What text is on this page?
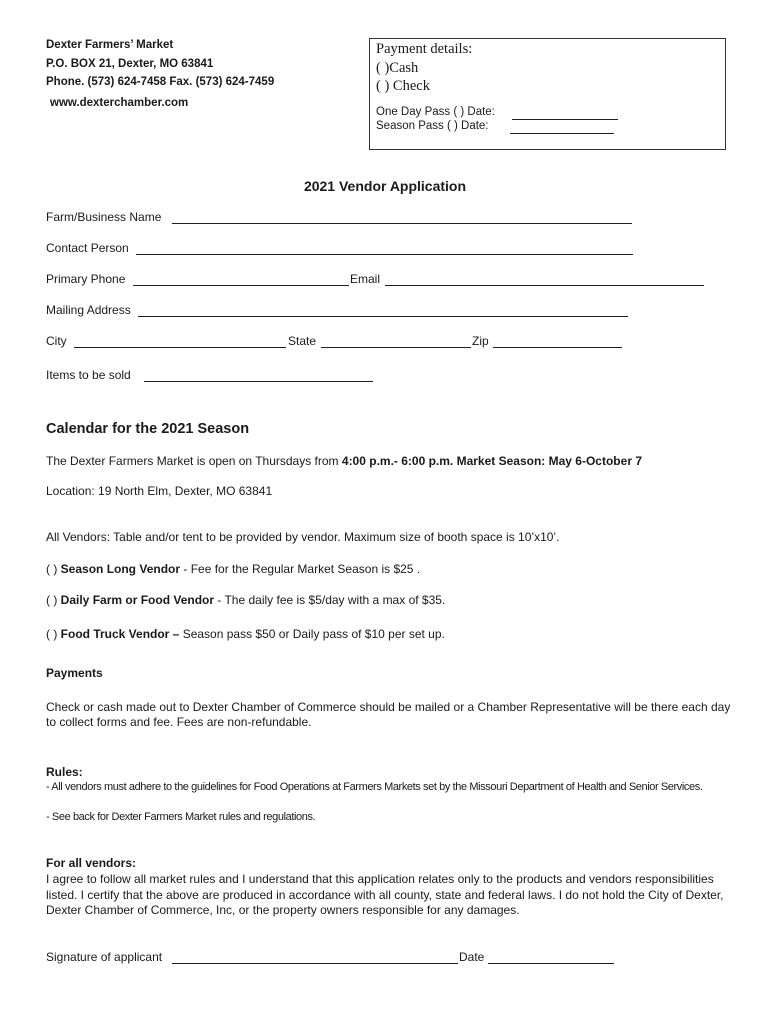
Dexter Farmers’ Market
P.O. BOX 21, Dexter, MO 63841
Phone. (573) 624-7458 Fax. (573) 624-7459
www.dexterchamber.com
Payment details:
( )Cash
( ) Check
One Day Pass ( ) Date:
Season Pass ( ) Date:
2021 Vendor Application
Farm/Business Name
Contact Person
Primary Phone	Email
Mailing Address
City	State	Zip
Items to be sold
Calendar for the 2021 Season
The Dexter Farmers Market is open on Thursdays from 4:00 p.m.- 6:00 p.m. Market Season: May 6-October 7
Location: 19 North Elm, Dexter, MO 63841
All Vendors: Table and/or tent to be provided by vendor. Maximum size of booth space is 10’x10’.
( ) Season Long Vendor - Fee for the Regular Market Season is $25 .
( ) Daily Farm or Food Vendor - The daily fee is $5/day with a max of $35.
( ) Food Truck Vendor – Season pass $50 or Daily pass of $10 per set up.
Payments
Check or cash made out to Dexter Chamber of Commerce should be mailed or a Chamber Representative will be there each day to collect forms and fee. Fees are non-refundable.
Rules:
- All vendors must adhere to the guidelines for Food Operations at Farmers Markets set by the Missouri Department of Health and Senior Services.
- See back for Dexter Farmers Market rules and regulations.
For all vendors:
I agree to follow all market rules and I understand that this application relates only to the products and vendors responsibilities listed. I certify that the above are produced in accordance with all county, state and federal laws. I do not hold the City of Dexter, Dexter Chamber of Commerce, Inc, or the property owners responsible for any damages.
Signature of applicant	Date
